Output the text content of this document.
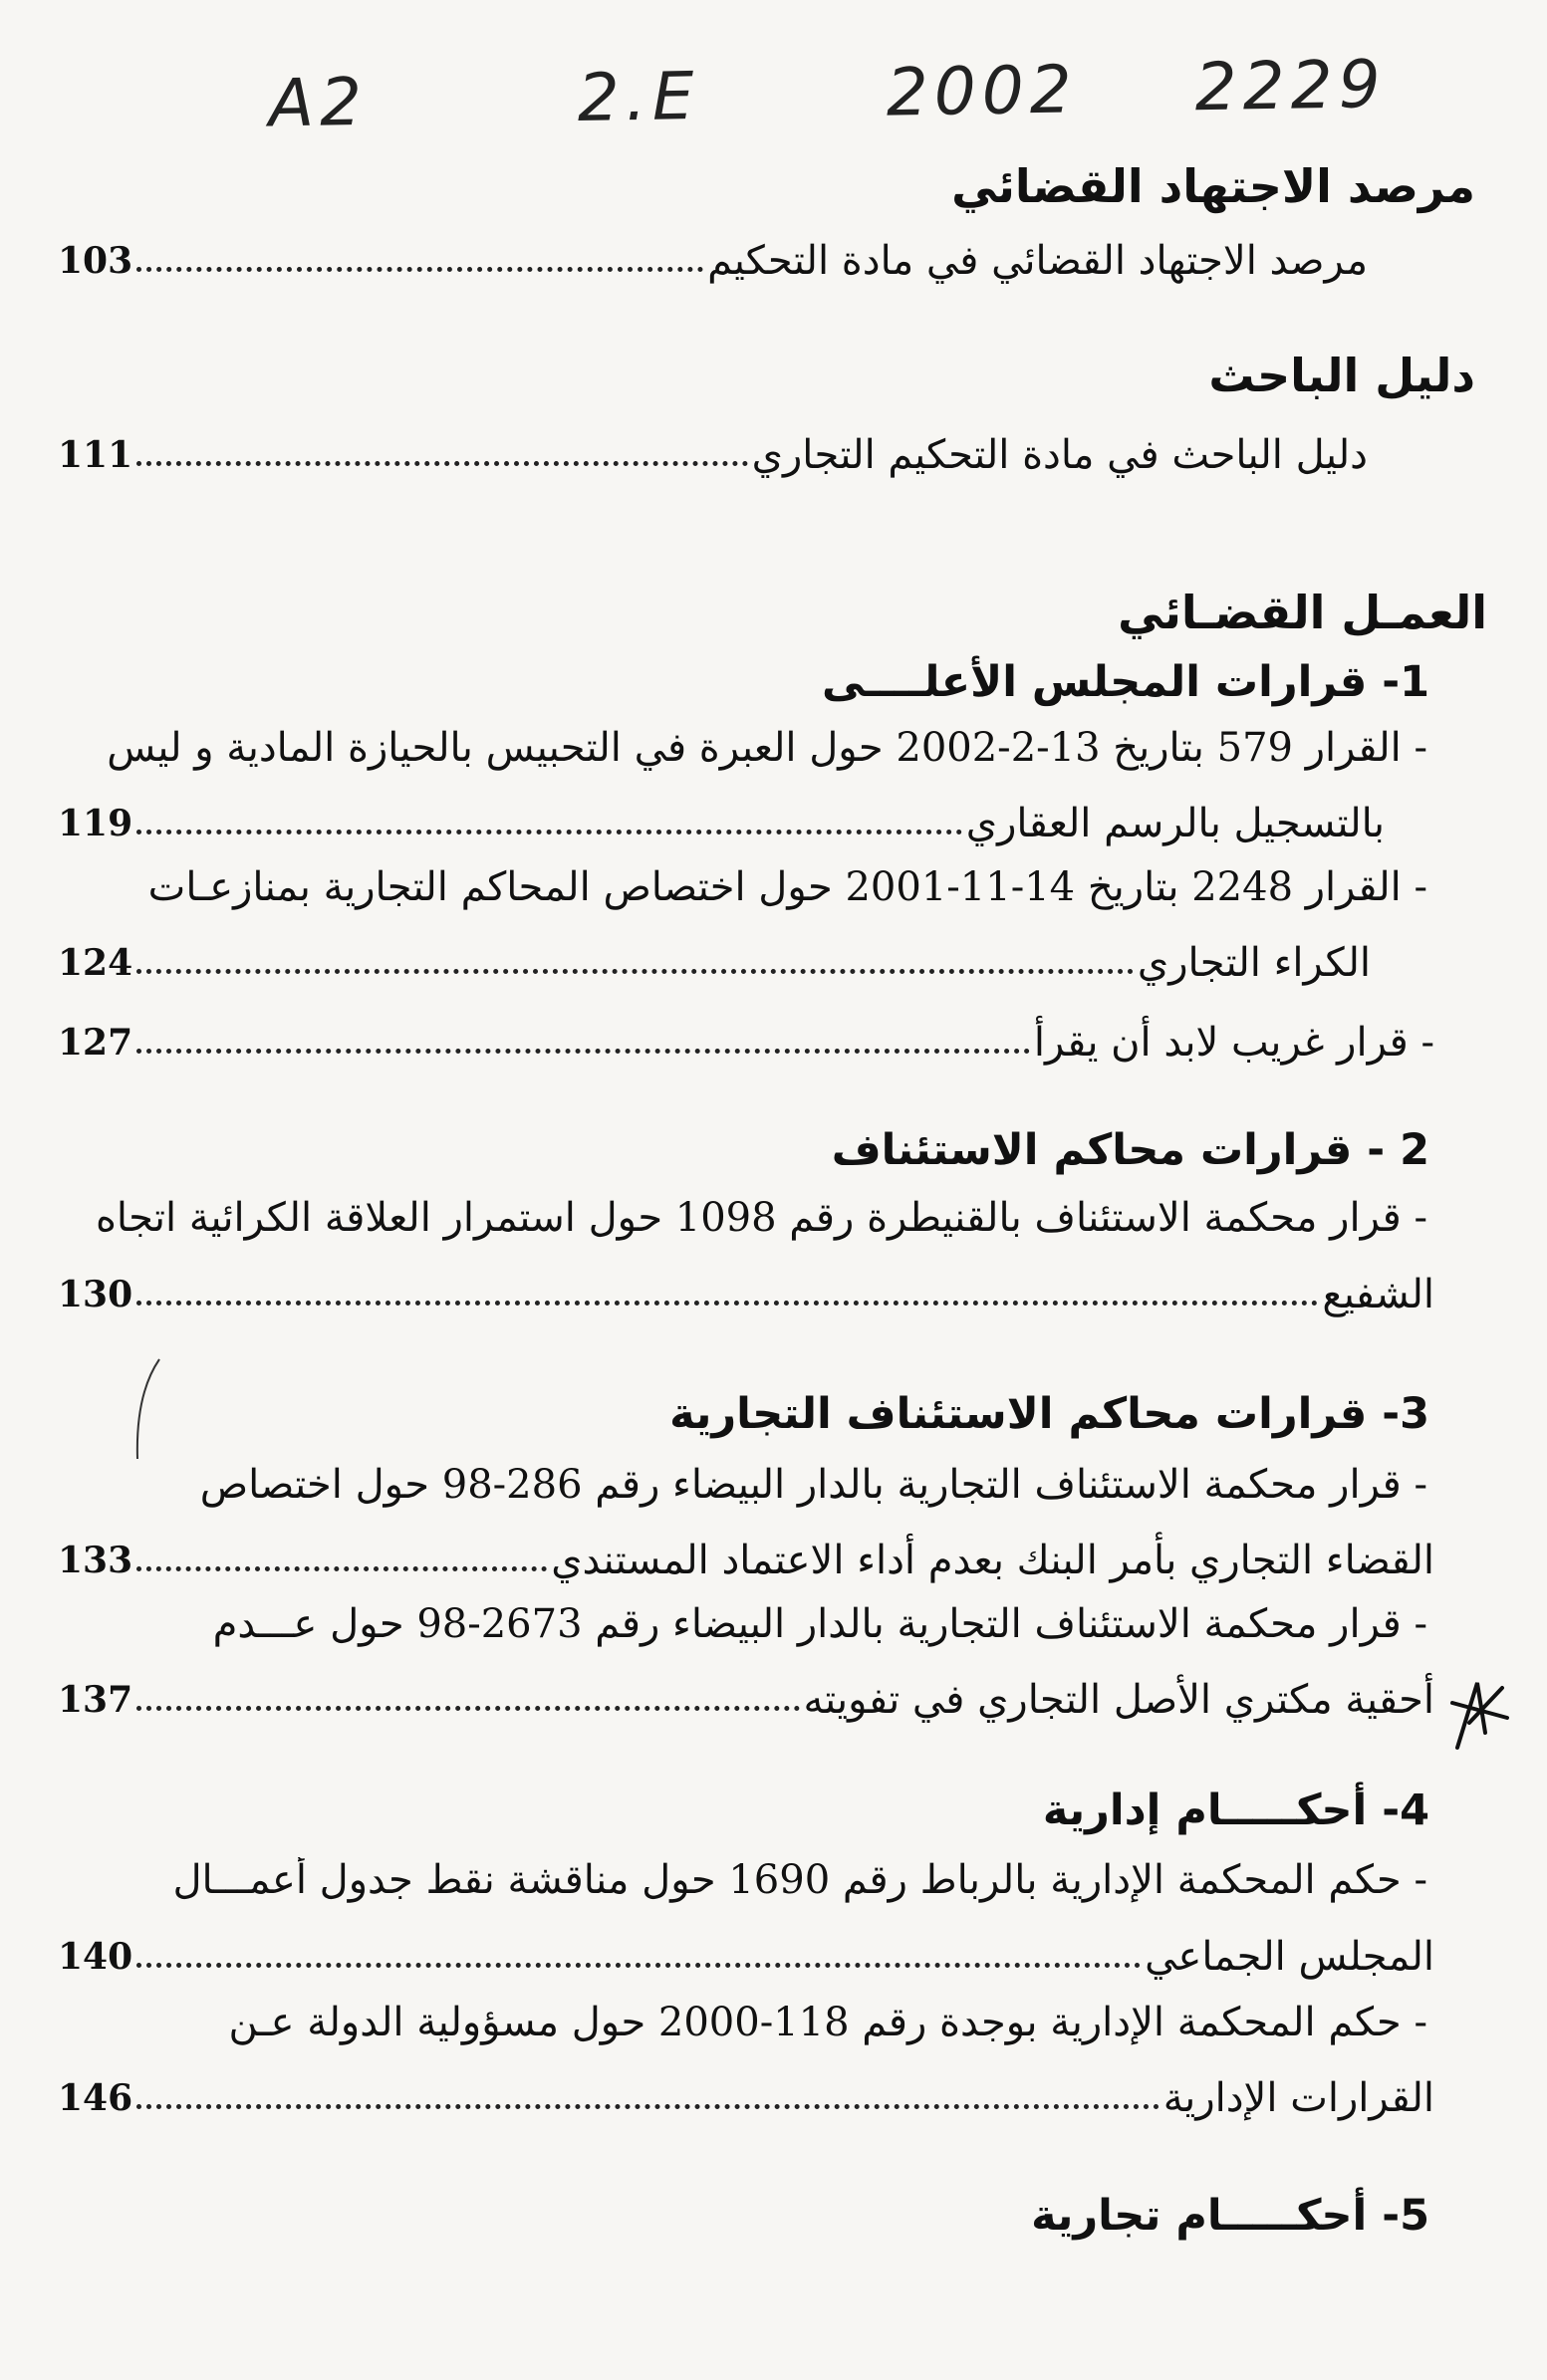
A2	2.E	2002 2229
مرصد الاجتهاد القضائي
103	مرصد الاجتهاد القضائي في مادة التحكيم
دليل الباحث
111	دليل الباحث في مادة التحكيم التجاري
العمـل القضـائي
1- قرارات المجلس الأعلــــى
- القرار 579 بتاريخ 13-2-2002 حول العبرة في التحبيس بالحيازة المادية و ليس
119	بالتسجيل بالرسم العقاري
- القرار 2248 بتاريخ 14-11-2001 حول اختصاص المحاكم التجارية بمنازعـات
124	الكراء التجاري
127	- قرار غريب لابد أن يقرأ
2 - قرارات محاكم الاستئناف
- قرار محكمة الاستئناف بالقنيطرة رقم 1098 حول استمرار العلاقة الكرائية اتجاه
130	الشفيع
3- قرارات محاكم الاستئناف التجارية
- قرار محكمة الاستئناف التجارية بالدار البيضاء رقم 286-98 حول اختصاص
133	القضاء التجاري بأمر البنك بعدم أداء الاعتماد المستندي
- قرار محكمة الاستئناف التجارية بالدار البيضاء رقم 2673-98 حول عـــدم
137	أحقية مكتري الأصل التجاري في تفويته
4- أحكـــــام إدارية
- حكم المحكمة الإدارية بالرباط رقم 1690 حول مناقشة نقط جدول أعمـــال
140	المجلس الجماعي
- حكم المحكمة الإدارية بوجدة رقم 118-2000 حول مسؤولية الدولة عـن
146	القرارات الإدارية
5- أحكـــــام تجارية
